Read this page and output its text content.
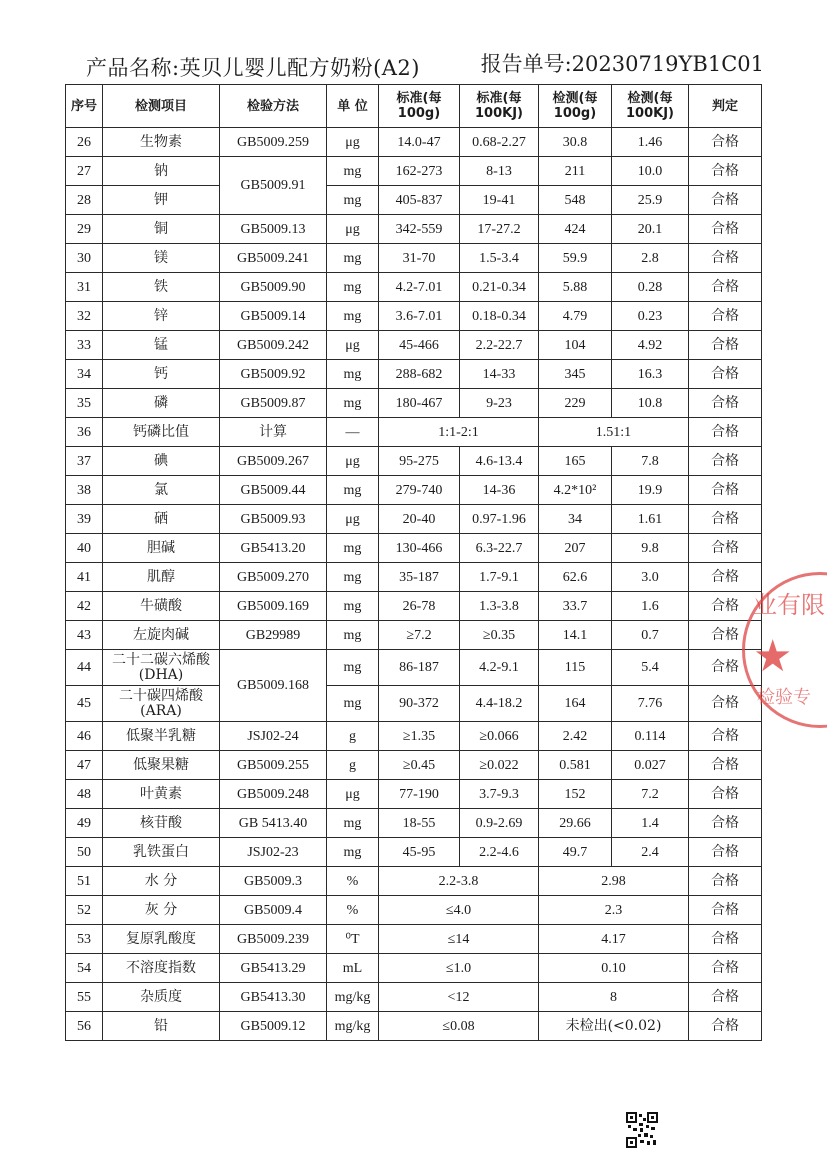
产品名称:英贝儿婴儿配方奶粉(A2)	报告单号:20230719YB1C01
序号	检测项目	检验方法	单 位	标准(每100g)	标准(每100KJ)	检测(每100g)	检测(每100KJ)	判定
26	生物素	GB5009.259	μg	14.0-47	0.68-2.27	30.8	1.46	合格
27	钠	GB5009.91	mg	162-273	8-13	211	10.0	合格
28	钾		mg	405-837	19-41	548	25.9	合格
29	铜	GB5009.13	μg	342-559	17-27.2	424	20.1	合格
30	镁	GB5009.241	mg	31-70	1.5-3.4	59.9	2.8	合格
31	铁	GB5009.90	mg	4.2-7.01	0.21-0.34	5.88	0.28	合格
32	锌	GB5009.14	mg	3.6-7.01	0.18-0.34	4.79	0.23	合格
33	锰	GB5009.242	μg	45-466	2.2-22.7	104	4.92	合格
34	钙	GB5009.92	mg	288-682	14-33	345	16.3	合格
35	磷	GB5009.87	mg	180-467	9-23	229	10.8	合格
36	钙磷比值	计算	—	1:1-2:1		1.51:1		合格
37	碘	GB5009.267	μg	95-275	4.6-13.4	165	7.8	合格
38	氯	GB5009.44	mg	279-740	14-36	4.2*10²	19.9	合格
39	硒	GB5009.93	μg	20-40	0.97-1.96	34	1.61	合格
40	胆碱	GB5413.20	mg	130-466	6.3-22.7	207	9.8	合格
41	肌醇	GB5009.270	mg	35-187	1.7-9.1	62.6	3.0	合格
42	牛磺酸	GB5009.169	mg	26-78	1.3-3.8	33.7	1.6	合格
43	左旋肉碱	GB29989	mg	≥7.2	≥0.35	14.1	0.7	合格
44	二十二碳六烯酸(DHA)	GB5009.168	mg	86-187	4.2-9.1	115	5.4	合格
45	二十碳四烯酸(ARA)		mg	90-372	4.4-18.2	164	7.76	合格
46	低聚半乳糖	JSJ02-24	g	≥1.35	≥0.066	2.42	0.114	合格
47	低聚果糖	GB5009.255	g	≥0.45	≥0.022	0.581	0.027	合格
48	叶黄素	GB5009.248	μg	77-190	3.7-9.3	152	7.2	合格
49	核苷酸	GB 5413.40	mg	18-55	0.9-2.69	29.66	1.4	合格
50	乳铁蛋白	JSJ02-23	mg	45-95	2.2-4.6	49.7	2.4	合格
51	水 分	GB5009.3	%	2.2-3.8		2.98		合格
52	灰 分	GB5009.4	%	≤4.0		2.3		合格
53	复原乳酸度	GB5009.239	⁰T	≤14		4.17		合格
54	不溶度指数	GB5413.29	mL	≤1.0		0.10		合格
55	杂质度	GB5413.30	mg/kg	<12		8		合格
56	铅	GB5009.12	mg/kg	≤0.08		未检出(<0.02)		合格
业有限
★
检验专
